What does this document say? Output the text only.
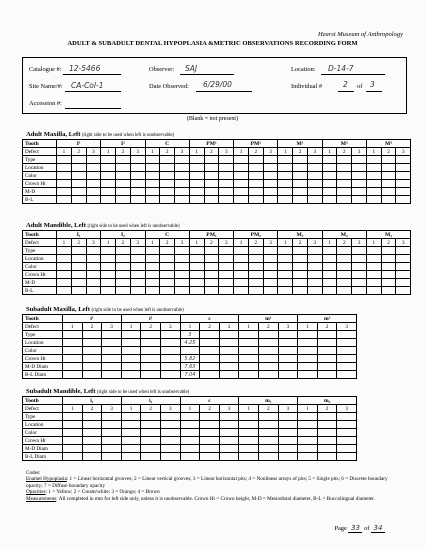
Hearst Museum of Anthropology
ADULT & SUBADULT DENTAL HYPOPLASIA &METRIC OBSERVATIONS RECORDING FORM
Catalogue #: 12-5466	Observer: SAJ	Location: D-14-7
Site Name/#: CA-Col-1	Date Observed: 6/29/00	Individual #	2 of 3
Accession #:
(Blank = not present)
Adult Maxilla, Left (right side to be used when left is unobservable)
Tooth	I¹			I²			C			PM¹			PM²			M¹			M²			M³		
Defect	1	2	3	1	2	3	1	2	3	1	2	3	1	2	3	1	2	3	1	2	3	1	2	3
Type																								
Location																								
Color																								
Crown Ht																								
M-D																								
B-L																								
Adult Mandible, Left (right side to be used when left is unobservable)
Tooth	I₁			I₂			C			PM₁			PM₂			M₁			M₂			M₃		
Defect	1	2	3	1	2	3	1	2	3	1	2	3	1	2	3	1	2	3	1	2	3	1	2	3
Type																								
Location																								
Color																								
Crown Ht																								
M-D																								
B-L																								
Subadult Maxilla, Left (right side to be used when left is unobservable)
Tooth	i¹			i²			c			m¹			m²		
Defect	1	2	3	1	2	3	1	2	3	1	2	3	1	2	3
Type							3								
Location							4.25								
Color															
Crown Ht							5.82								
M-D Diam							7.63								
B-L Diam							7.04								
Subadult Mandible, Left (right side to be used when left is unobservable)
Tooth	i₁			i₂			c			m₁			m₂		
Defect	1	2	3	1	2	3	1	2	3	1	2	3	1	2	3
Type															
Location															
Color															
Crown Ht															
M-D Diam															
B-L Diam															
Codes:
Enamel Hypoplasia: 1 = Linear horizontal grooves; 2 = Linear vertical grooves; 3 = Linear horizontal pits; 4 = Nonlinear arrays of pits; 5 = Single pits; 6 = Discrete boundary opacity; 7 = Diffuse boundary opacity
Opacities: 1 = Yellow; 2 = Cream/white; 3 = Orange; 4 = Brown
Measurements: All completed in mm for left side only, unless it is unobservable. Crown Ht = Crown height, M-D = Mesiodistal diameter, B-L = Buccolingual diameter.
Page 33 of 34
